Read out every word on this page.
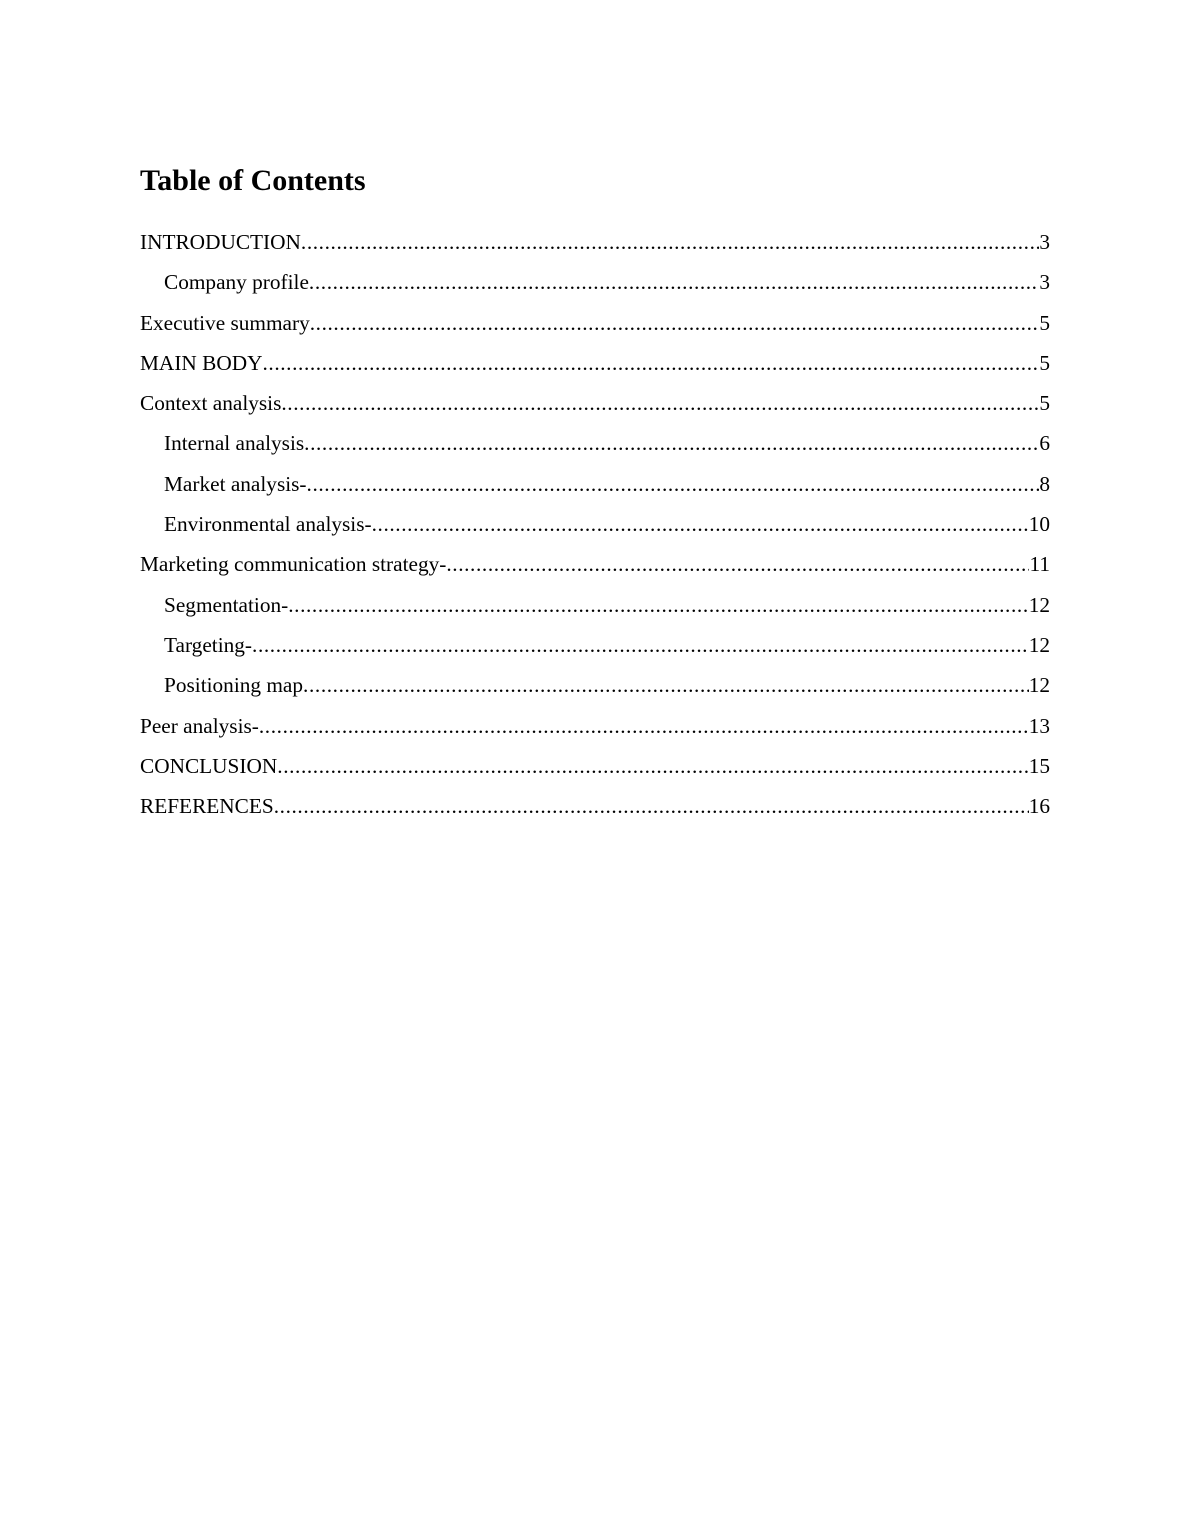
Table of Contents
INTRODUCTION .....	3
Company profile .....	3
Executive summary .....	5
MAIN BODY .....	5
Context analysis .....	5
Internal analysis .....	6
Market analysis- .....	8
Environmental analysis- .....	10
Marketing communication strategy- .....	11
Segmentation- .....	12
Targeting- .....	12
Positioning map .....	12
Peer analysis- .....	13
CONCLUSION .....	15
REFERENCES .....	16
